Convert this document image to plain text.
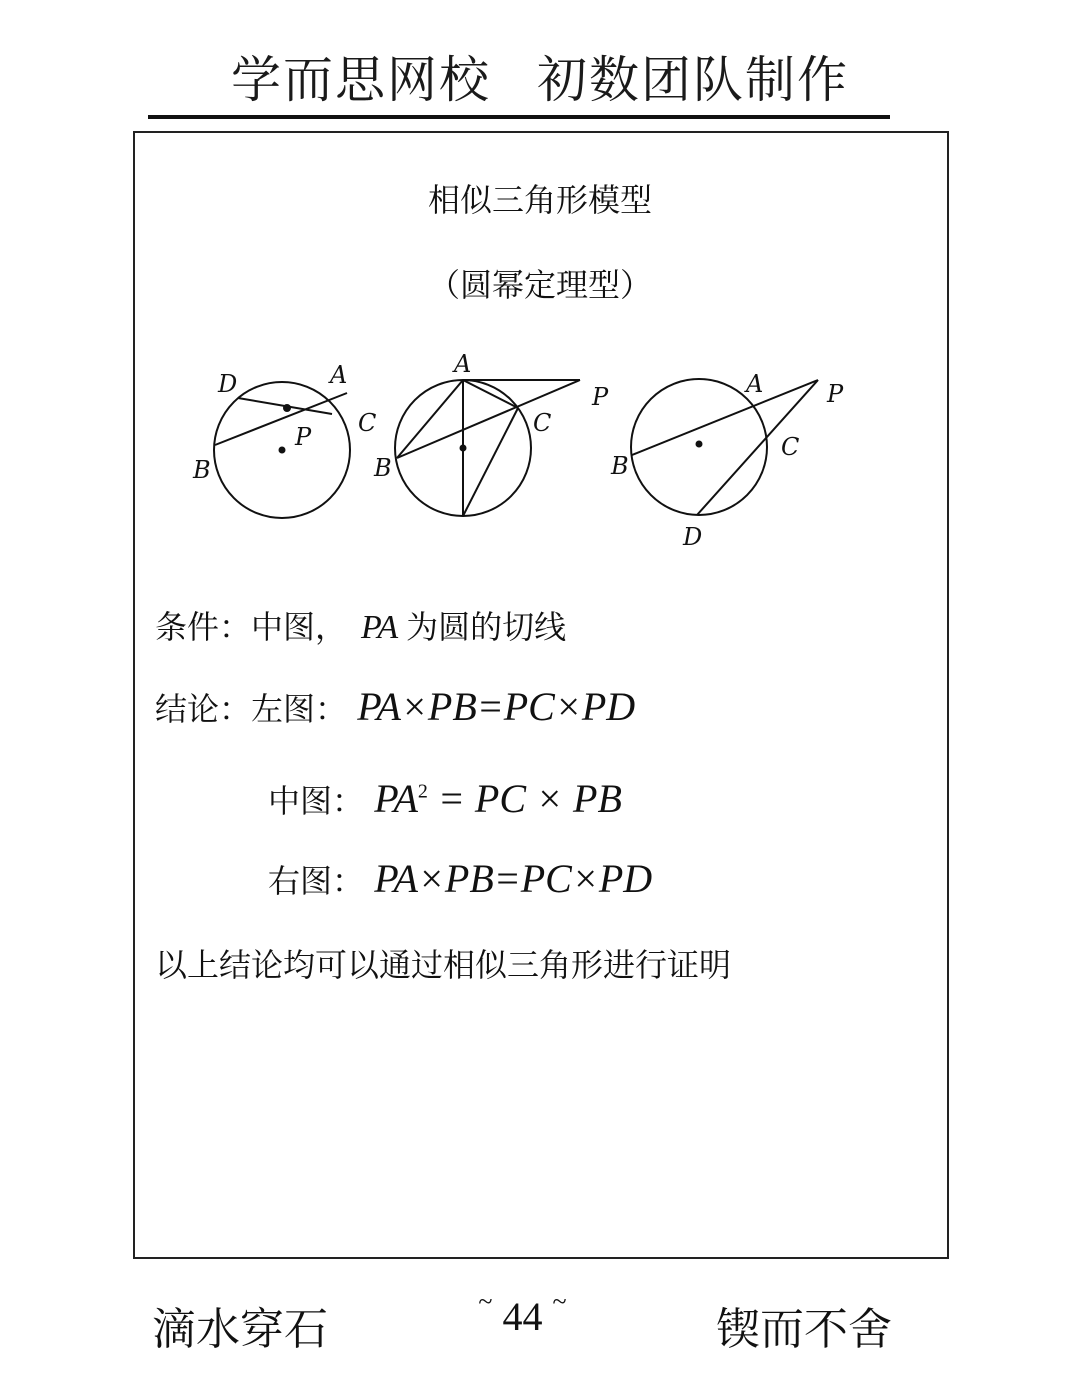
学而思网校 初数团队制作
相似三角形模型
（圆幂定理型）
D	A
C
P
B
A
P
C
B
A	P
C
B
D
条件：中图， PA 为圆的切线
结论：左图： PA×PB=PC×PD
中图： $PA^2$ = PC × PB
右图： PA×PB=PC×PD
以上结论均可以通过相似三角形进行证明
滴水穿石
~ 44 ~
锲而不舍
